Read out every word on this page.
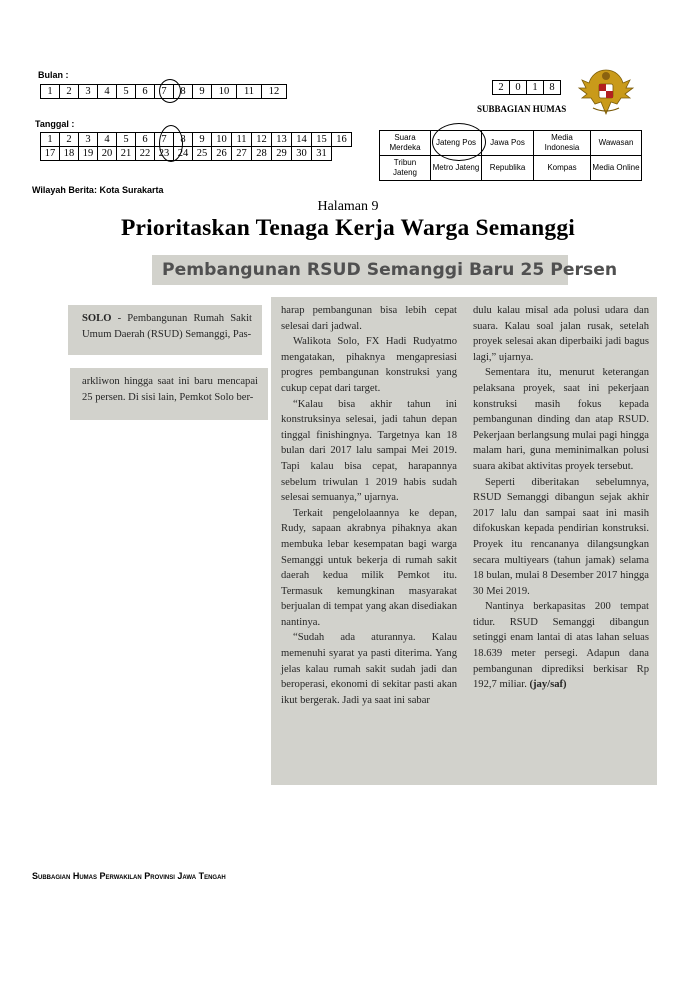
Bulan :
1	2	3	4	5	6	7	8	9	10	11	12
Tanggal :
1	2	3	4	5	6	7	8	9	10	11	12	13	14	15	16
17	18	19	20	21	22	23	24	25	26	27	28	29	30	31	
2	0	1	8
SUBBAGIAN HUMAS
Suara Merdeka	Jateng Pos	Jawa Pos	Media Indonesia	Wawasan
Tribun Jateng	Metro Jateng	Republika	Kompas	Media Online
Wilayah Berita: Kota Surakarta
Halaman 9
Prioritaskan Tenaga Kerja Warga Semanggi
Pembangunan RSUD Semanggi Baru 25 Persen

SOLO - Pembangunan Rumah Sakit Umum Daerah (RSUD) Semanggi, Pas-

arkliwon hingga saat ini baru mencapai 25 persen. Di sisi lain, Pemkot Solo ber-

harap pembangunan bisa lebih cepat selesai dari jadwal.

Walikota Solo, FX Hadi Rudyatmo mengatakan, pihaknya mengapresiasi progres pembangunan konstruksi yang cukup cepat dari target.

“Kalau bisa akhir tahun ini konstruksinya selesai, jadi tahun depan tinggal finishingnya. Targetnya kan 18 bulan dari 2017 lalu sampai Mei 2019. Tapi kalau bisa cepat, harapannya sebelum triwulan 1 2019 habis sudah selesai semuanya,” ujarnya.

Terkait pengelolaannya ke depan, Rudy, sapaan akrabnya pihaknya akan membuka lebar kesempatan bagi warga Semanggi untuk bekerja di rumah sakit daerah kedua milik Pemkot itu. Termasuk kemungkinan masyarakat berjualan di tempat yang akan disediakan nantinya.

“Sudah ada aturannya. Kalau memenuhi syarat ya pasti diterima. Yang jelas kalau rumah sakit sudah jadi dan beroperasi, ekonomi di sekitar pasti akan ikut bergerak. Jadi ya saat ini sabar

dulu kalau misal ada polusi udara dan suara. Kalau soal jalan rusak, setelah proyek selesai akan diperbaiki jadi bagus lagi,” ujarnya.

Sementara itu, menurut keterangan pelaksana proyek, saat ini pekerjaan konstruksi masih fokus kepada pembangunan dinding dan atap RSUD. Pekerjaan berlangsung mulai pagi hingga malam hari, guna meminimalkan polusi suara akibat aktivitas proyek tersebut.

Seperti diberitakan sebelumnya, RSUD Semanggi dibangun sejak akhir 2017 lalu dan sampai saat ini masih difokuskan kepada pendirian konstruksi. Proyek itu rencananya dilangsungkan secara multiyears (tahun jamak) selama 18 bulan, mulai 8 Desember 2017 hingga 30 Mei 2019.

Nantinya berkapasitas 200 tempat tidur. RSUD Semanggi dibangun setinggi enam lantai di atas lahan seluas 18.639 meter persegi. Adapun dana pembangunan diprediksi berkisar Rp 192,7 miliar. (jay/saf)

Subbagian Humas Perwakilan Provinsi Jawa Tengah
